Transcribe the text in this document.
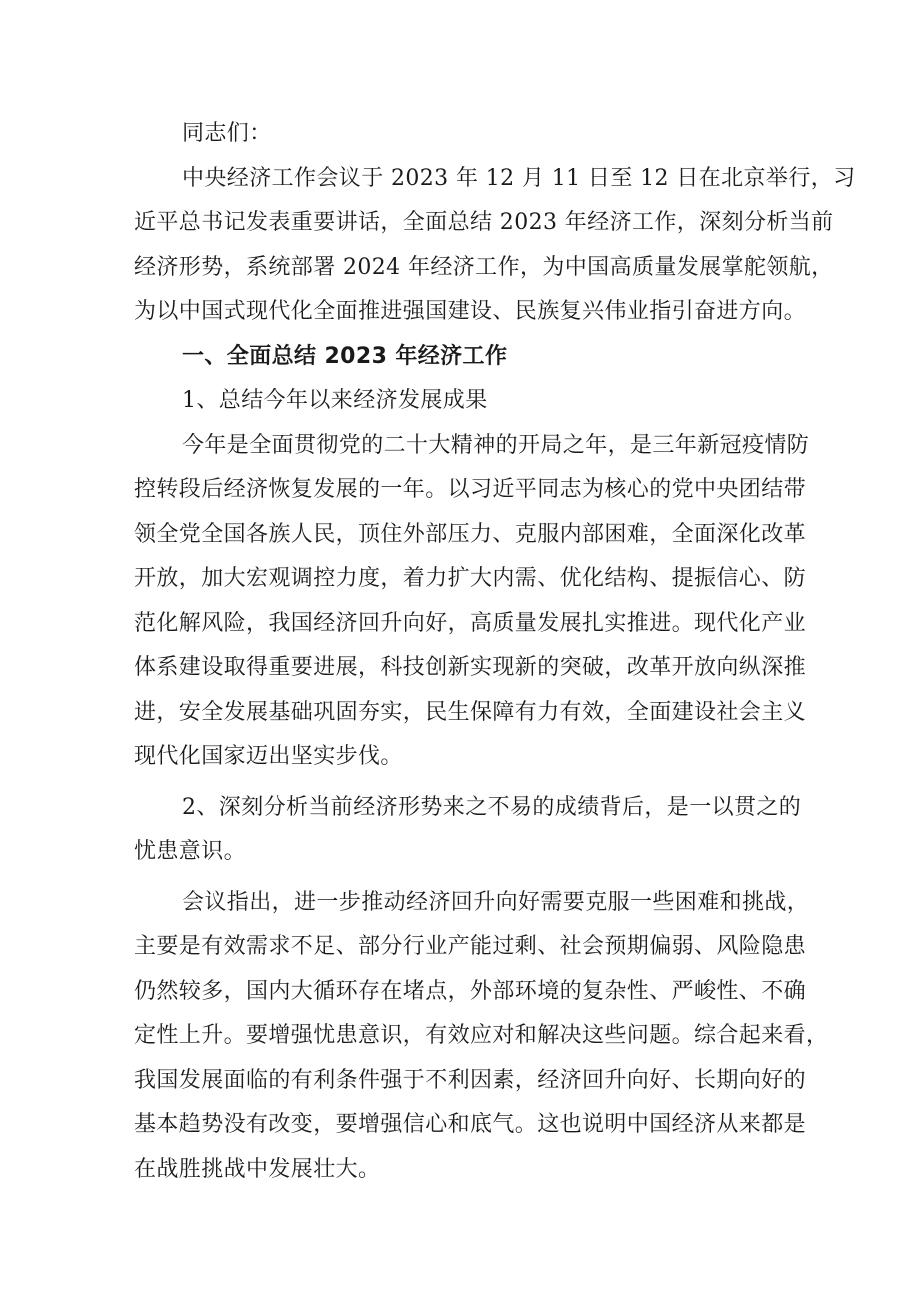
同志们：
中央经济工作会议于 2023 年 12 月 11 日至 12 日在北京举行，习
近平总书记发表重要讲话，全面总结 2023 年经济工作，深刻分析当前
经济形势，系统部署 2024 年经济工作，为中国高质量发展掌舵领航，
为以中国式现代化全面推进强国建设、民族复兴伟业指引奋进方向。
一、全面总结 2023 年经济工作
1、总结今年以来经济发展成果
今年是全面贯彻党的二十大精神的开局之年，是三年新冠疫情防
控转段后经济恢复发展的一年。以习近平同志为核心的党中央团结带
领全党全国各族人民，顶住外部压力、克服内部困难，全面深化改革
开放，加大宏观调控力度，着力扩大内需、优化结构、提振信心、防
范化解风险，我国经济回升向好，高质量发展扎实推进。现代化产业
体系建设取得重要进展，科技创新实现新的突破，改革开放向纵深推
进，安全发展基础巩固夯实，民生保障有力有效，全面建设社会主义
现代化国家迈出坚实步伐。
2、深刻分析当前经济形势来之不易的成绩背后，是一以贯之的
忧患意识。
会议指出，进一步推动经济回升向好需要克服一些困难和挑战，
主要是有效需求不足、部分行业产能过剩、社会预期偏弱、风险隐患
仍然较多，国内大循环存在堵点，外部环境的复杂性、严峻性、不确
定性上升。要增强忧患意识，有效应对和解决这些问题。综合起来看，
我国发展面临的有利条件强于不利因素，经济回升向好、长期向好的
基本趋势没有改变，要增强信心和底气。这也说明中国经济从来都是
在战胜挑战中发展壮大。
